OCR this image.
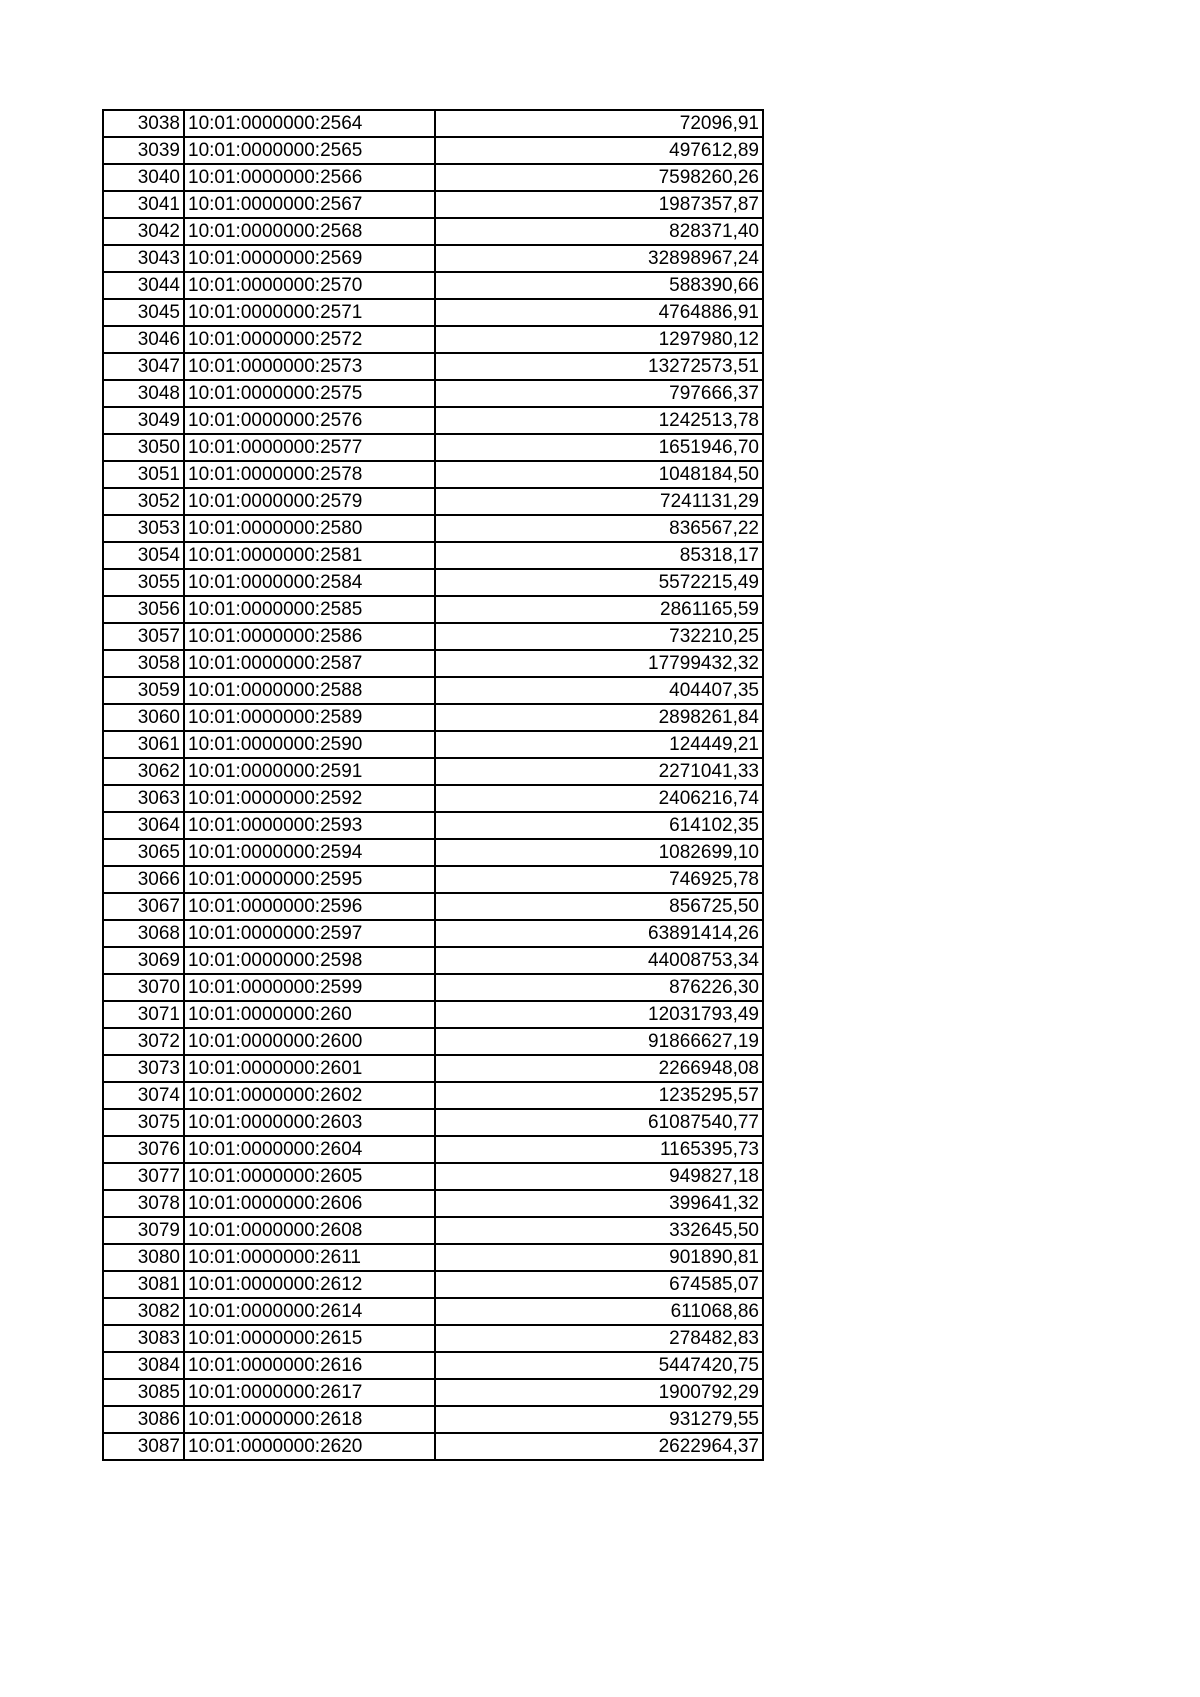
3038	10:01:0000000:2564	72096,91
3039	10:01:0000000:2565	497612,89
3040	10:01:0000000:2566	7598260,26
3041	10:01:0000000:2567	1987357,87
3042	10:01:0000000:2568	828371,40
3043	10:01:0000000:2569	32898967,24
3044	10:01:0000000:2570	588390,66
3045	10:01:0000000:2571	4764886,91
3046	10:01:0000000:2572	1297980,12
3047	10:01:0000000:2573	13272573,51
3048	10:01:0000000:2575	797666,37
3049	10:01:0000000:2576	1242513,78
3050	10:01:0000000:2577	1651946,70
3051	10:01:0000000:2578	1048184,50
3052	10:01:0000000:2579	7241131,29
3053	10:01:0000000:2580	836567,22
3054	10:01:0000000:2581	85318,17
3055	10:01:0000000:2584	5572215,49
3056	10:01:0000000:2585	2861165,59
3057	10:01:0000000:2586	732210,25
3058	10:01:0000000:2587	17799432,32
3059	10:01:0000000:2588	404407,35
3060	10:01:0000000:2589	2898261,84
3061	10:01:0000000:2590	124449,21
3062	10:01:0000000:2591	2271041,33
3063	10:01:0000000:2592	2406216,74
3064	10:01:0000000:2593	614102,35
3065	10:01:0000000:2594	1082699,10
3066	10:01:0000000:2595	746925,78
3067	10:01:0000000:2596	856725,50
3068	10:01:0000000:2597	63891414,26
3069	10:01:0000000:2598	44008753,34
3070	10:01:0000000:2599	876226,30
3071	10:01:0000000:260	12031793,49
3072	10:01:0000000:2600	91866627,19
3073	10:01:0000000:2601	2266948,08
3074	10:01:0000000:2602	1235295,57
3075	10:01:0000000:2603	61087540,77
3076	10:01:0000000:2604	1165395,73
3077	10:01:0000000:2605	949827,18
3078	10:01:0000000:2606	399641,32
3079	10:01:0000000:2608	332645,50
3080	10:01:0000000:2611	901890,81
3081	10:01:0000000:2612	674585,07
3082	10:01:0000000:2614	611068,86
3083	10:01:0000000:2615	278482,83
3084	10:01:0000000:2616	5447420,75
3085	10:01:0000000:2617	1900792,29
3086	10:01:0000000:2618	931279,55
3087	10:01:0000000:2620	2622964,37
